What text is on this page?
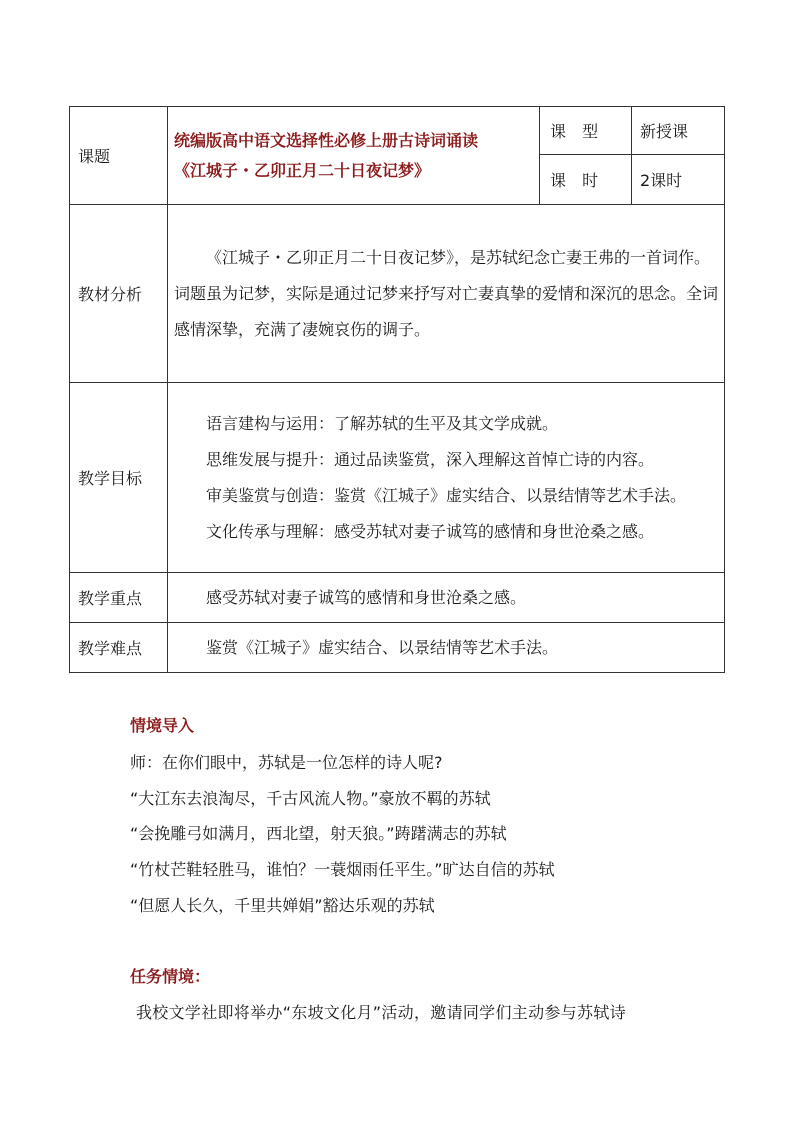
课题	统编版高中语文选择性必修上册古诗词诵读
《江城子・乙卯正月二十日夜记梦》	课  型	新授课
		课  时	2课时
教材分析	《江城子・乙卯正月二十日夜记梦》，是苏轼纪念亡妻王弗的一首词作。词题虽为记梦，实际是通过记梦来抒写对亡妻真挚的爱情和深沉的思念。全词感情深挚，充满了凄婉哀伤的调子。		

教学目标	语言建构与运用：了解苏轼的生平及其文学成就。

思维发展与提升：通过品读鉴赏，深入理解这首悼亡诗的内容。

审美鉴赏与创造：鉴赏《江城子》虚实结合、以景结情等艺术手法。

文化传承与理解：感受苏轼对妻子诚笃的感情和身世沧桑之感。		

教学重点	感受苏轼对妻子诚笃的感情和身世沧桑之感。		

教学难点	鉴赏《江城子》虚实结合、以景结情等艺术手法。		

情境导入
师：在你们眼中，苏轼是一位怎样的诗人呢?
“大江东去浪淘尽，千古风流人物。”豪放不羁的苏轼
“会挽雕弓如满月，西北望，射天狼。”踌躇满志的苏轼
“竹杖芒鞋轻胜马，谁怕？一蓑烟雨任平生。”旷达自信的苏轼
“但愿人长久，千里共婵娟”豁达乐观的苏轼
任务情境：
我校文学社即将举办“东坡文化月”活动，邀请同学们主动参与苏轼诗
